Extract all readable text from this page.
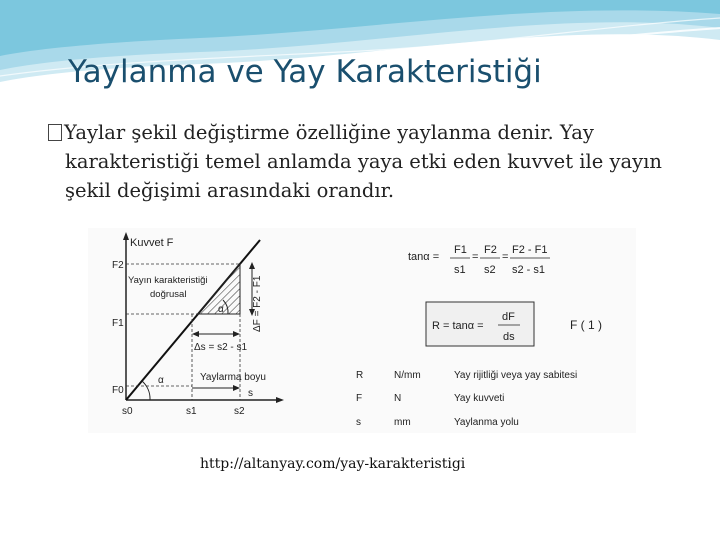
Yaylanma ve Yay Karakteristiği
Yaylar şekil değiştirme özelliğine yaylanma denir. Yay karakteristiği temel anlamda yaya etki eden kuvvet ile yayın şekil değişimi arasındaki orandır.
Kuvvet F
F2
F1
F0
s0	s1	s2
s
Yayın karakteristiği
doğrusal	ΔF = F2 - F1
Δs = s2 - s1
Yaylarma boyu
α
α
tanα =
F1
s1
=
F2
s2
=
F2 - F1
s2 - s1
R = tanα =
dF
ds
F ( 1 )
R	N/mm	Yay rijitliği veya yay sabitesi
F	N	Yay kuvveti
s	mm	Yaylanma yolu
http://altanyay.com/yay-karakteristigi
